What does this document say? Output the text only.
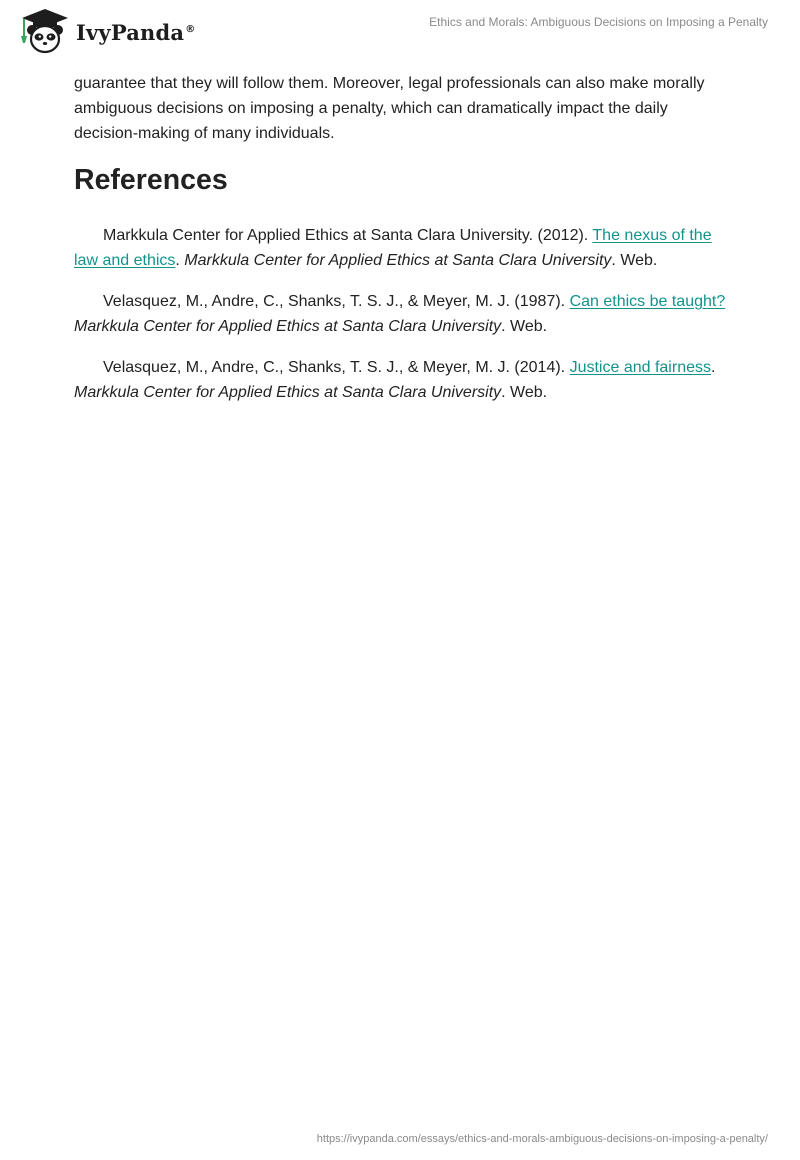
IvyPanda®	Ethics and Morals: Ambiguous Decisions on Imposing a Penalty

guarantee that they will follow them. Moreover, legal professionals can also make morally ambiguous decisions on imposing a penalty, which can dramatically impact the daily decision-making of many individuals.

References

Markkula Center for Applied Ethics at Santa Clara University. (2012). The nexus of the law and ethics. Markkula Center for Applied Ethics at Santa Clara University. Web.

Velasquez, M., Andre, C., Shanks, T. S. J., & Meyer, M. J. (1987). Can ethics be taught? Markkula Center for Applied Ethics at Santa Clara University. Web.

Velasquez, M., Andre, C., Shanks, T. S. J., & Meyer, M. J. (2014). Justice and fairness. Markkula Center for Applied Ethics at Santa Clara University. Web.

https://ivypanda.com/essays/ethics-and-morals-ambiguous-decisions-on-imposing-a-penalty/
